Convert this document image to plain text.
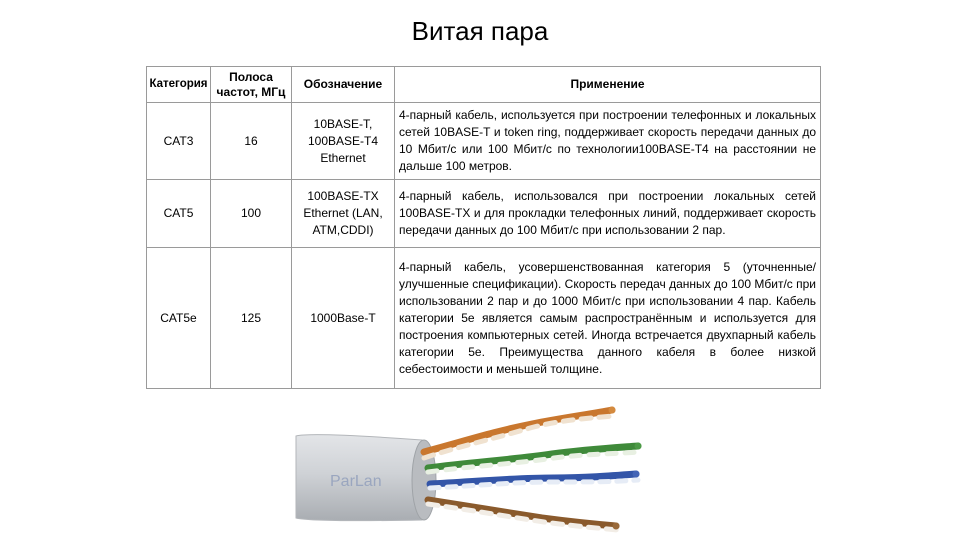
Витая пара
Категория	Полоса частот, МГц	Обозначение	Применение
CAT3	16	10BASE-T, 100BASE-T4 Ethernet	4-парный кабель, используется при построении телефонных и локальных сетей 10BASE-T и token ring, поддерживает скорость передачи данных до 10 Мбит/с или 100 Мбит/с по технологии100BASE-T4 на расстоянии не дальше 100 метров.
CAT5	100	100BASE-TX Ethernet (LAN, ATM,CDDI)	4-парный кабель, использовался при построении локальных сетей 100BASE-TX и для прокладки телефонных линий, поддерживает скорость передачи данных до 100 Мбит/с при использовании 2 пар.
CAT5e	125	1000Base-T	4-парный кабель, усовершенствованная категория 5 (уточненные/улучшенные спецификации). Скорость передач данных до 100 Мбит/с при использовании 2 пар и до 1000 Мбит/с при использовании 4 пар. Кабель категории 5е является самым распространённым и используется для построения компьютерных сетей. Иногда встречается двухпарный кабель категории 5е. Преимущества данного кабеля в более низкой себестоимости и меньшей толщине.
ParLan
